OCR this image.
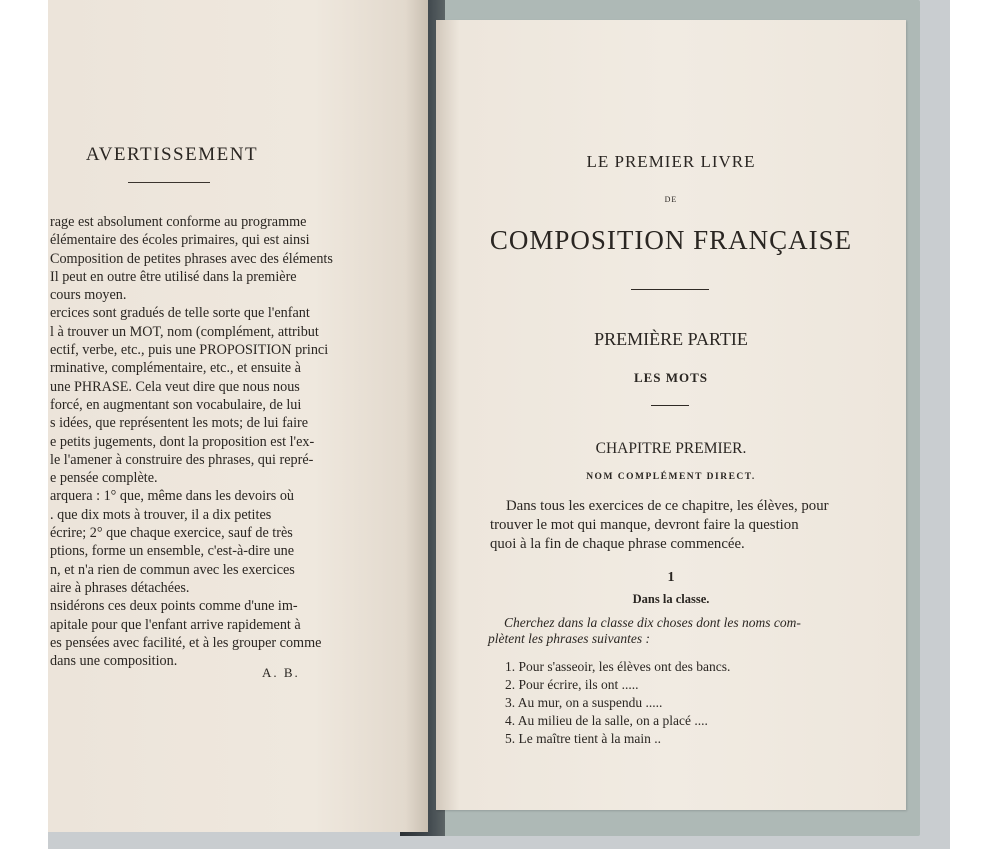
AVERTISSEMENT
rage est absolument conforme au programme
élémentaire des écoles primaires, qui est ainsi
Composition de petites phrases avec des éléments
Il peut en outre être utilisé dans la première
cours moyen.
ercices sont gradués de telle sorte que l'enfant
l à trouver un MOT, nom (complément, attribut
ectif, verbe, etc., puis une PROPOSITION princi
rminative, complémentaire, etc., et ensuite à
une PHRASE. Cela veut dire que nous nous
forcé, en augmentant son vocabulaire, de lui
s idées, que représentent les mots; de lui faire
e petits jugements, dont la proposition est l'ex-
le l'amener à construire des phrases, qui repré-
e pensée complète.
arquera : 1° que, même dans les devoirs où
. que dix mots à trouver, il a dix petites
écrire; 2° que chaque exercice, sauf de très
ptions, forme un ensemble, c'est-à-dire une
n, et n'a rien de commun avec les exercices
aire à phrases détachées.
nsidérons ces deux points comme d'une im-
apitale pour que l'enfant arrive rapidement à
es pensées avec facilité, et à les grouper comme
dans une composition.
A. B.
LE PREMIER LIVRE
DE
COMPOSITION FRANÇAISE
PREMIÈRE PARTIE
LES MOTS
CHAPITRE PREMIER.
NOM COMPLÉMENT DIRECT.
Dans tous les exercices de ce chapitre, les élèves, pour
trouver le mot qui manque, devront faire la question
quoi à la fin de chaque phrase commencée.
1
Dans la classe.
Cherchez dans la classe dix choses dont les noms com-
plètent les phrases suivantes :
1. Pour s'asseoir, les élèves ont des bancs.
2. Pour écrire, ils ont .....
3. Au mur, on a suspendu .....
4. Au milieu de la salle, on a placé ....
5. Le maître tient à la main ..
